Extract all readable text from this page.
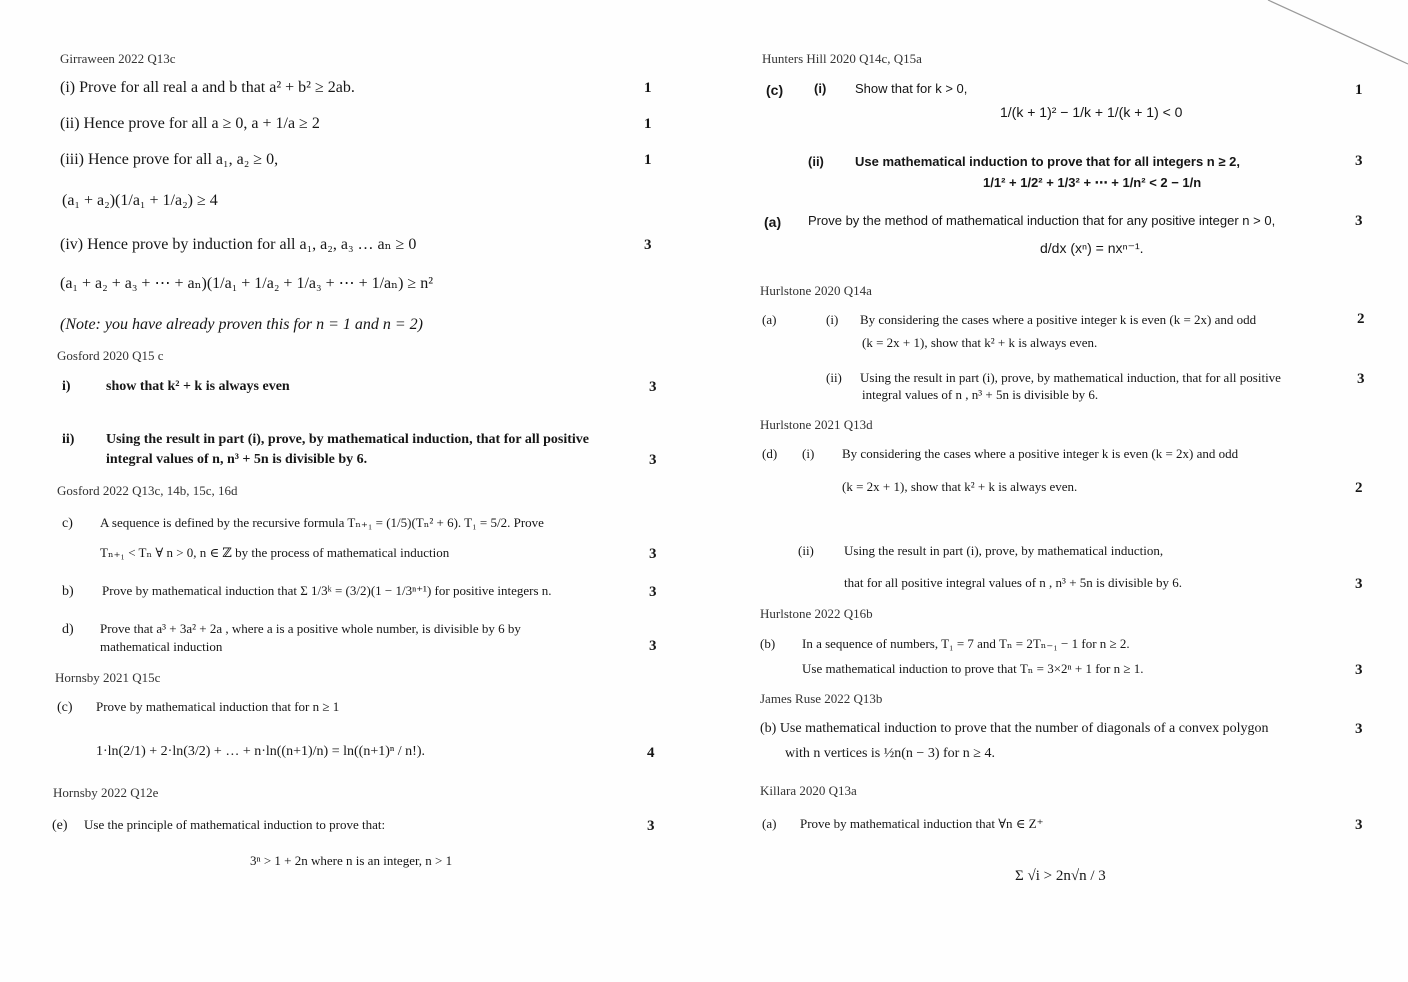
Girraween 2022 Q13c
(i) Prove for all real a and b that a² + b² ≥ 2ab.	1
(ii) Hence prove for all a ≥ 0, a + 1/a ≥ 2	1
(iii) Hence prove for all a₁, a₂ ≥ 0,	1
(a₁ + a₂)(1/a₁ + 1/a₂) ≥ 4
(iv) Hence prove by induction for all a₁, a₂, a₃ … aₙ ≥ 0	3
(a₁ + a₂ + a₃ + ⋯ + aₙ)(1/a₁ + 1/a₂ + 1/a₃ + ⋯ + 1/aₙ) ≥ n²
(Note: you have already proven this for n = 1 and n = 2)
Gosford 2020 Q15 c
i)	show that k² + k is always even	3
ii) Using the result in part (i), prove, by mathematical induction, that for all positive
integral values of n, n³ + 5n is divisible by 6.	3
Gosford 2022 Q13c, 14b, 15c, 16d
c) A sequence is defined by the recursive formula Tₙ₊₁ = (1/5)(Tₙ² + 6). T₁ = 5/2. Prove
Tₙ₊₁ < Tₙ ∀ n > 0, n ∈ ℤ by the process of mathematical induction	3
b) Prove by mathematical induction that Σ 1/3ᵏ = (3/2)(1 − 1/3ⁿ⁺¹) for positive integers n.	3
d) Prove that a³ + 3a² + 2a , where a is a positive whole number, is divisible by 6 by
mathematical induction	3
Hornsby 2021 Q15c
(c) Prove by mathematical induction that for n ≥ 1
1·ln(2/1) + 2·ln(3/2) + … + n·ln((n+1)/n) = ln((n+1)ⁿ / n!).	4
Hornsby 2022 Q12e
(e) Use the principle of mathematical induction to prove that:	3
3ⁿ > 1 + 2n where n is an integer, n > 1
Hunters Hill 2020 Q14c, Q15a
(c) (i) Show that for k > 0,	1
1/(k + 1)² − 1/k + 1/(k + 1) < 0
(ii) Use mathematical induction to prove that for all integers n ≥ 2,	3
1/1² + 1/2² + 1/3² + ⋯ + 1/n² < 2 − 1/n
(a) Prove by the method of mathematical induction that for any positive integer n > 0,	3
d/dx (xⁿ) = nxⁿ⁻¹.
Hurlstone 2020 Q14a
(a)	(i) By considering the cases where a positive integer k is even (k = 2x) and odd
(k = 2x + 1), show that k² + k is always even.
2
(ii) Using the result in part (i), prove, by mathematical induction, that for all positive
integral values of n , n³ + 5n is divisible by 6.
3
Hurlstone 2021 Q13d
(d) (i) By considering the cases where a positive integer k is even (k = 2x) and odd
(k = 2x + 1), show that k² + k is always even.	2
(ii) Using the result in part (i), prove, by mathematical induction,
that for all positive integral values of n , n³ + 5n is divisible by 6.	3
Hurlstone 2022 Q16b
(b) In a sequence of numbers, T₁ = 7 and Tₙ = 2Tₙ₋₁ − 1 for n ≥ 2.
Use mathematical induction to prove that Tₙ = 3×2ⁿ + 1 for n ≥ 1.	3
James Ruse 2022 Q13b
(b) Use mathematical induction to prove that the number of diagonals of a convex polygon
with n vertices is ½n(n − 3) for n ≥ 4.
3
Killara 2020 Q13a
(a) Prove by mathematical induction that ∀n ∈ Z⁺	3
Σ √i > 2n√n / 3
